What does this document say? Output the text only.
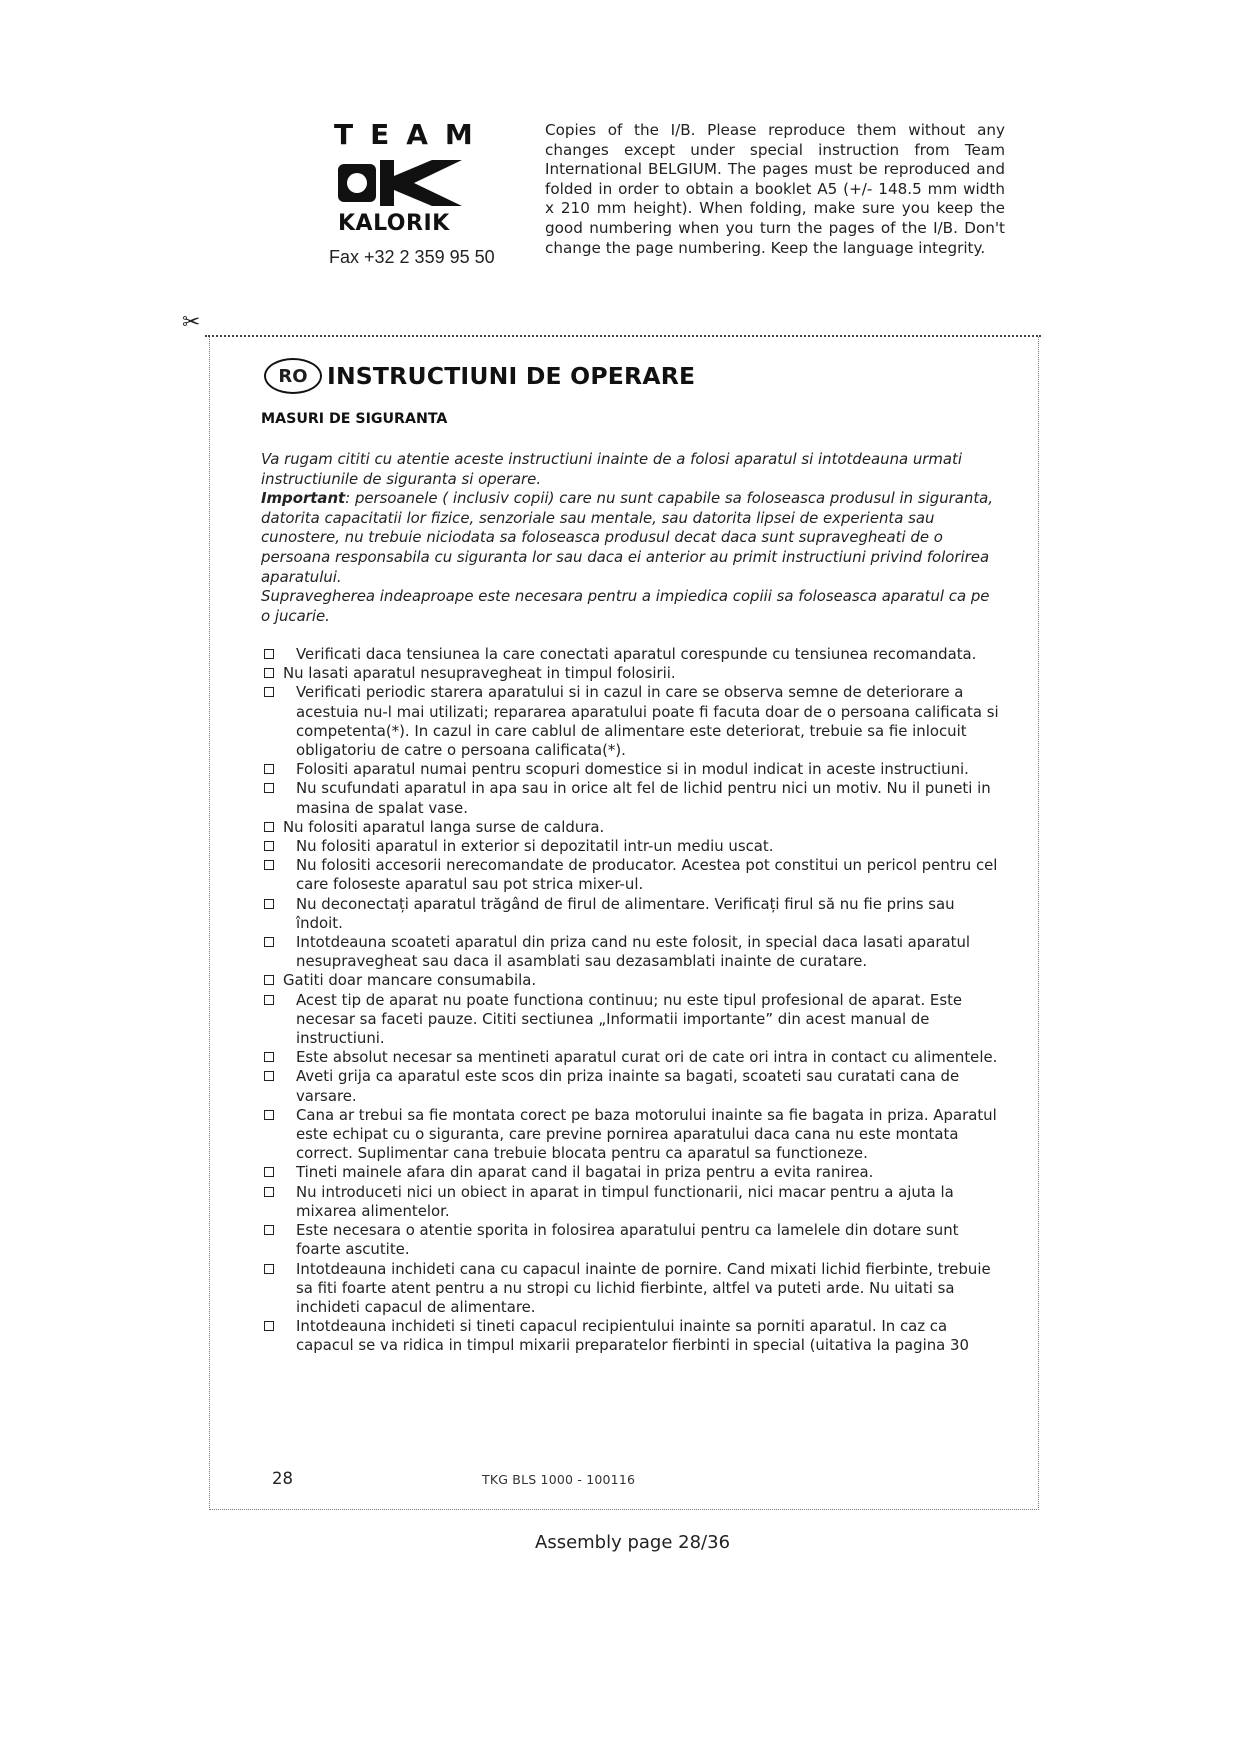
TEAM
KALORIK
Fax +32 2 359 95 50
Copies of the I/B. Please reproduce them without any changes except under special instruction from Team International BELGIUM. The pages must be reproduced and folded in order to obtain a booklet A5 (+/- 148.5 mm width x 210 mm height). When folding, make sure you keep the good numbering when you turn the pages of the I/B. Don't change the page numbering. Keep the language integrity.
✂
RO INSTRUCTIUNI DE OPERARE
MASURI DE SIGURANTA

Va rugam cititi cu atentie aceste instructiuni inainte de a folosi aparatul si intotdeauna urmati instructiunile de siguranta si operare.

Important: persoanele ( inclusiv copii) care nu sunt capabile sa foloseasca produsul in siguranta, datorita capacitatii lor fizice, senzoriale sau mentale, sau datorita lipsei de experienta sau cunostere, nu trebuie niciodata sa foloseasca produsul decat daca sunt supravegheati de o persoana responsabila cu siguranta lor sau daca ei anterior au primit instructiuni privind folorirea aparatului.

Supravegherea indeaproape este necesara pentru a impiedica copiii sa foloseasca aparatul ca pe o jucarie.

Verificati daca tensiunea la care conectati aparatul corespunde cu tensiunea recomandata.
Nu lasati aparatul nesupravegheat in timpul folosirii.
Verificati periodic starera aparatului si in cazul in care se observa semne de deteriorare a acestuia nu-l mai utilizati; repararea aparatului poate fi facuta doar de o persoana calificata si competenta(*). In cazul in care cablul de alimentare este deteriorat, trebuie sa fie inlocuit obligatoriu de catre o persoana calificata(*).
Folositi aparatul numai pentru scopuri domestice si in modul indicat in aceste instructiuni.
Nu scufundati aparatul in apa sau in orice alt fel de lichid pentru nici un motiv. Nu il puneti in masina de spalat vase.
Nu folositi aparatul langa surse de caldura.
Nu folositi aparatul in exterior si depozitatil intr-un mediu uscat.
Nu folositi accesorii nerecomandate de producator. Acestea pot constitui un pericol pentru cel care foloseste aparatul sau pot strica mixer-ul.
Nu deconectați aparatul trăgând de firul de alimentare. Verificați firul să nu fie prins sau îndoit.
Intotdeauna scoateti aparatul din priza cand nu este folosit, in special daca lasati aparatul nesupravegheat sau daca il asamblati sau dezasamblati inainte de curatare.
Gatiti doar mancare consumabila.
Acest tip de aparat nu poate functiona continuu; nu este tipul profesional de aparat. Este necesar sa faceti pauze. Cititi sectiunea „Informatii importante” din acest manual de instructiuni.
Este absolut necesar sa mentineti aparatul curat ori de cate ori intra in contact cu alimentele.
Aveti grija ca aparatul este scos din priza inainte sa bagati, scoateti sau curatati cana de varsare.
Cana ar trebui sa fie montata corect pe baza motorului inainte sa fie bagata in priza. Aparatul este echipat cu o siguranta, care previne pornirea aparatului daca cana nu este montata correct. Suplimentar cana trebuie blocata pentru ca aparatul sa functioneze.
Tineti mainele afara din aparat cand il bagatai in priza pentru a evita ranirea.
Nu introduceti nici un obiect in aparat in timpul functionarii, nici macar pentru a ajuta la mixarea alimentelor.
Este necesara o atentie sporita in folosirea aparatului pentru ca lamelele din dotare sunt foarte ascutite.
Intotdeauna inchideti cana cu capacul inainte de pornire. Cand mixati lichid fierbinte, trebuie sa fiti foarte atent pentru a nu stropi cu lichid fierbinte, altfel va puteti arde. Nu uitati sa inchideti capacul de alimentare.
Intotdeauna inchideti si tineti capacul recipientului inainte sa porniti aparatul. In caz ca capacul se va ridica in timpul mixarii preparatelor fierbinti in special (uitativa la pagina 30
28	TKG BLS 1000 - 100116
Assembly page 28/36
